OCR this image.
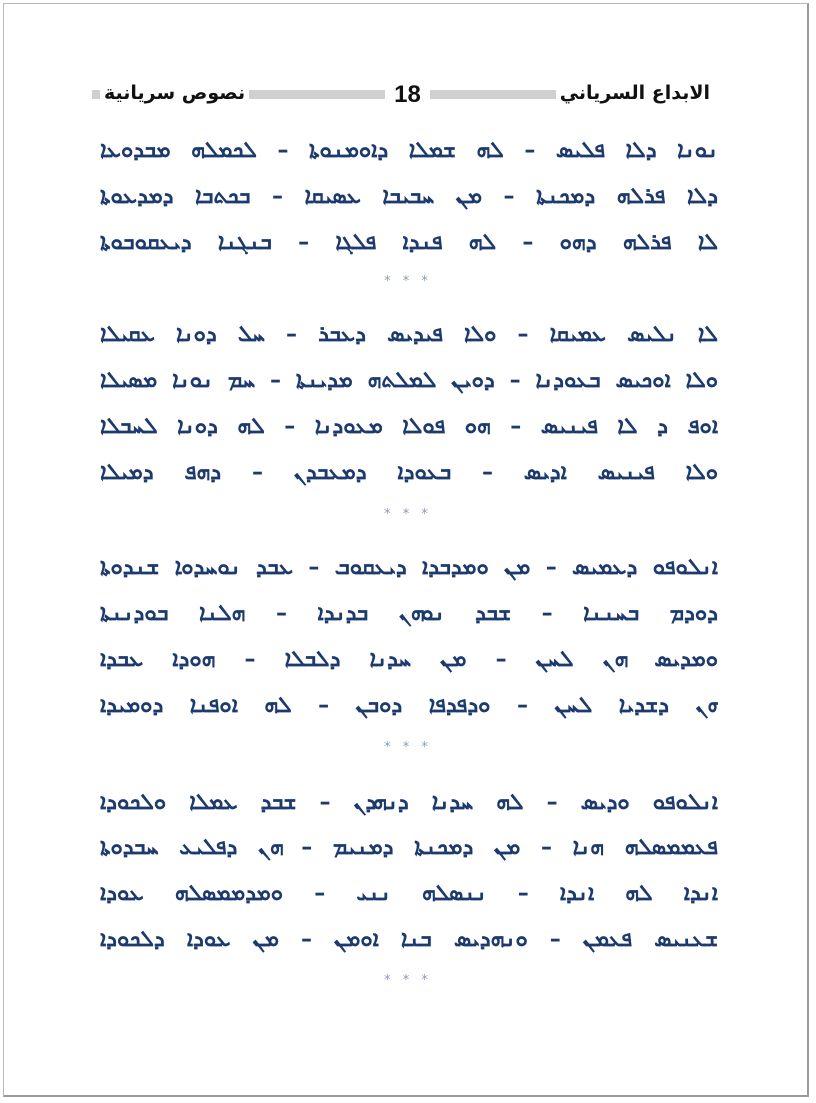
نصوص سريانية	18	الابداع السرياني
ܢܘܢܐ ܕܠܐ ܦܠܝܣ – ܠܗ ܫܡܠܐ ܕܐܘܡܢܘܬܐ – ܠܟܡܠܗ ܡܒܕܘܥܐ
ܕܠܐ ܦܪܠܗ ܕܡܟܢܬܐ – ܡܢ ܚܒܝܒܐ ܥܣܝܩܐ – ܒܟܬܒܐ ܕܡܕܥܘܬܐ
ܠܐ ܦܪܠܗ ܕܗܘ – ܠܗ ܦܢܕܐ ܦܠܓܐ – ܒܢܓܢܐ ܕܝܥܩܘܒܘܬܐ
* * *
ܠܐ ܢܠܝܣ ܥܡܝܩܐ – ܘܠܐ ܦܝܕܝܣ ܕܥܒܪ – ܚܠ ܕܘܢܐ ܥܩܝܠܐ
ܘܠܐ ܐܘܟܝܣ ܒܥܘܕܢܐ – ܕܘܝܢ ܠܡܠܬܗ ܡܕܝܢܬܐ – ܚܡ ܢܘܢܐ ܡܣܝܠܐ
ܐܘܦ ܕ ܠܐ ܦܝܢܝܣ – ܗܘ ܦܘܠܐ ܡܥܘܕܢܐ – ܠܗ ܕܘܢܐ ܠܚܒܠܐ
ܘܠܐ ܦܝܢܝܣ ܐܕܝܣ – ܒܥܘܕܐ ܕܡܥܒܕܢ – ܕܗܦ ܕܡܝܠܐ
* * *
ܐܢܠܘܦܘ ܕܥܡܝܣ – ܡܢ ܘܡܕܒܕܐ ܕܝܥܩܘܒ – ܥܒܕ ܢܘܚܕܘܐ ܫܢܕܘܬܐ
ܕܘܕܡ ܒܚܢܢܐ – ܫܒܕ ܢܘܗܢ ܒܕܢܕܐ – ܗܠܢܐ ܒܘܕܢܢܬܐ
ܘܡܕܝܣ ܗܢ ܠܚܢ – ܡܢ ܚܕܢܐ ܕܠܒܠܐ – ܗܘܕܐ ܥܒܕܐ
ܗܢ ܕܫܕܝܐ ܠܚܢ – ܘܕܦܕܦܐ ܕܘܒܢ – ܠܗ ܐܘܦܢܐ ܕܘܡܝܕܐ
* * *
ܐܢܠܘܦܘ ܘܕܝܣ – ܠܗ ܚܕܢܐ ܕܢܗܕܢ – ܫܒܕ ܥܡܠܐ ܘܠܟܘܕܐ
ܦܥܡܡܣܠܗ ܗܢܐ – ܡܢ ܕܡܟܢܬܐ ܕܡܢܝܡ – ܗܢ ܕܦܠܝܥ ܚܒܕܘܬܐ
ܐܢܕܐ ܠܗ ܐܢܕܐ – ܢܢܣܠܗ ܢܢܝ – ܘܡܕܡܡܣܠܗ ܥܘܕܐ
ܫܥܢܝܣ ܦܥܡܢ – ܘܢܗܕܝܣ ܒܢܐ ܐܘܡܢ – ܡܢ ܥܘܕܐ ܕܠܟܘܕܐ
* * *
